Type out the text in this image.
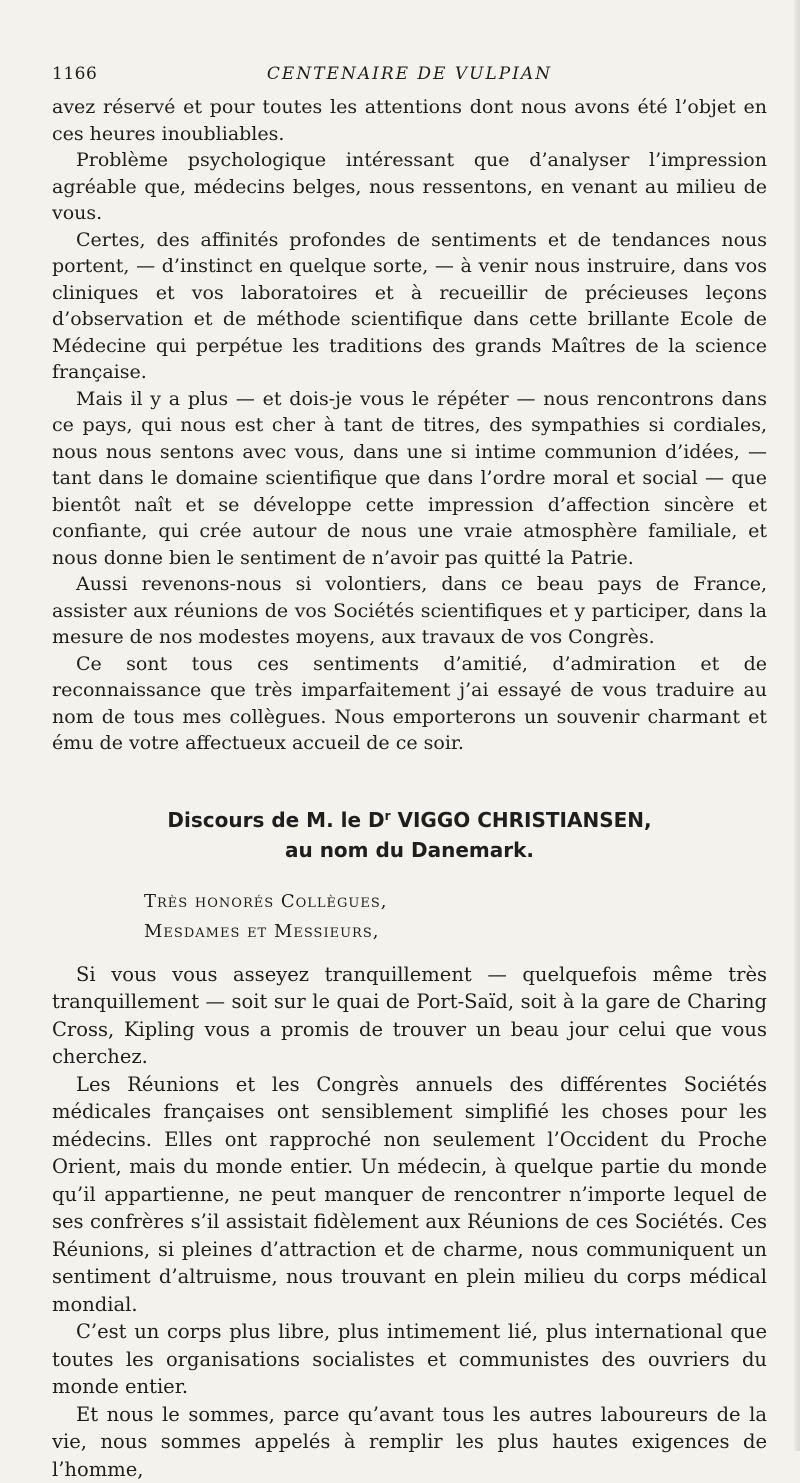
1166	CENTENAIRE DE VULPIAN

avez réservé et pour toutes les attentions dont nous avons été l’objet en ces heures inoubliables.

Problème psychologique intéressant que d’analyser l’impression agréable que, médecins belges, nous ressentons, en venant au milieu de vous.

Certes, des affinités profondes de sentiments et de tendances nous portent, — d’instinct en quelque sorte, — à venir nous instruire, dans vos cliniques et vos laboratoires et à recueillir de précieuses leçons d’observation et de méthode scientifique dans cette brillante Ecole de Médecine qui perpétue les traditions des grands Maîtres de la science française.

Mais il y a plus — et dois-je vous le répéter — nous rencontrons dans ce pays, qui nous est cher à tant de titres, des sympathies si cordiales, nous nous sentons avec vous, dans une si intime communion d’idées, — tant dans le domaine scientifique que dans l’ordre moral et social — que bientôt naît et se développe cette impression d’affection sincère et confiante, qui crée autour de nous une vraie atmosphère familiale, et nous donne bien le sentiment de n’avoir pas quitté la Patrie.

Aussi revenons-nous si volontiers, dans ce beau pays de France, assister aux réunions de vos Sociétés scientifiques et y participer, dans la mesure de nos modestes moyens, aux travaux de vos Congrès.

Ce sont tous ces sentiments d’amitié, d’admiration et de reconnaissance que très imparfaitement j’ai essayé de vous traduire au nom de tous mes collègues. Nous emporterons un souvenir charmant et ému de votre affectueux accueil de ce soir.

Discours de M. le $D^r$ VIGGO CHRISTIANSEN,
au nom du Danemark.
Très honorés Collègues,
Mesdames et Messieurs,

Si vous vous asseyez tranquillement — quelquefois même très tranquillement — soit sur le quai de Port-Saïd, soit à la gare de Charing Cross, Kipling vous a promis de trouver un beau jour celui que vous cherchez.

Les Réunions et les Congrès annuels des différentes Sociétés médicales françaises ont sensiblement simplifié les choses pour les médecins. Elles ont rapproché non seulement l’Occident du Proche Orient, mais du monde entier. Un médecin, à quelque partie du monde qu’il appartienne, ne peut manquer de rencontrer n’importe lequel de ses confrères s’il assistait fidèlement aux Réunions de ces Sociétés. Ces Réunions, si pleines d’attraction et de charme, nous communiquent un sentiment d’altruisme, nous trouvant en plein milieu du corps médical mondial.

C’est un corps plus libre, plus intimement lié, plus international que toutes les organisations socialistes et communistes des ouvriers du monde entier.

Et nous le sommes, parce qu’avant tous les autres laboureurs de la vie, nous sommes appelés à remplir les plus hautes exigences de l’homme,
